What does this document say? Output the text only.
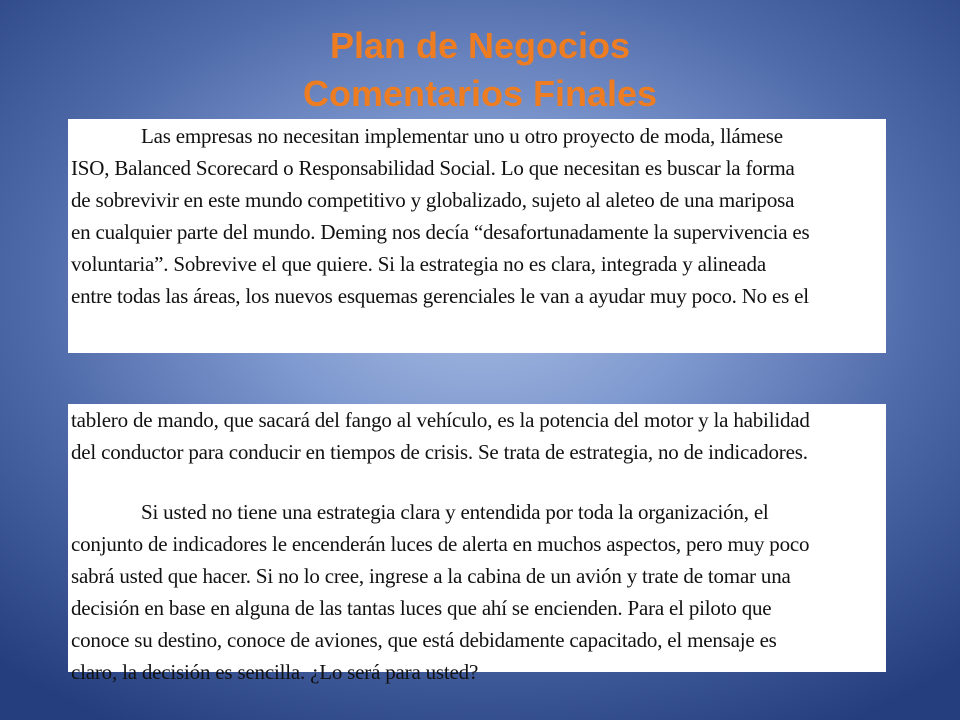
Plan de Negocios
Comentarios Finales
Las empresas no necesitan implementar uno u otro proyecto de moda, llámese
ISO, Balanced Scorecard o Responsabilidad Social. Lo que necesitan es buscar la forma
de sobrevivir en este mundo competitivo y globalizado, sujeto al aleteo de una mariposa
en cualquier parte del mundo. Deming nos decía “desafortunadamente la supervivencia es
voluntaria”. Sobrevive el que quiere. Si la estrategia no es clara, integrada y alineada
entre todas las áreas, los nuevos esquemas gerenciales le van a ayudar muy poco. No es el
tablero de mando, que sacará del fango al vehículo, es la potencia del motor y la habilidad
del conductor para conducir en tiempos de crisis. Se trata de estrategia, no de indicadores.
Si usted no tiene una estrategia clara y entendida por toda la organización, el
conjunto de indicadores le encenderán luces de alerta en muchos aspectos, pero muy poco
sabrá usted que hacer. Si no lo cree, ingrese a la cabina de un avión y trate de tomar una
decisión en base en alguna de las tantas luces que ahí se encienden. Para el piloto que
conoce su destino, conoce de aviones, que está debidamente capacitado, el mensaje es
claro, la decisión es sencilla. ¿Lo será para usted?
